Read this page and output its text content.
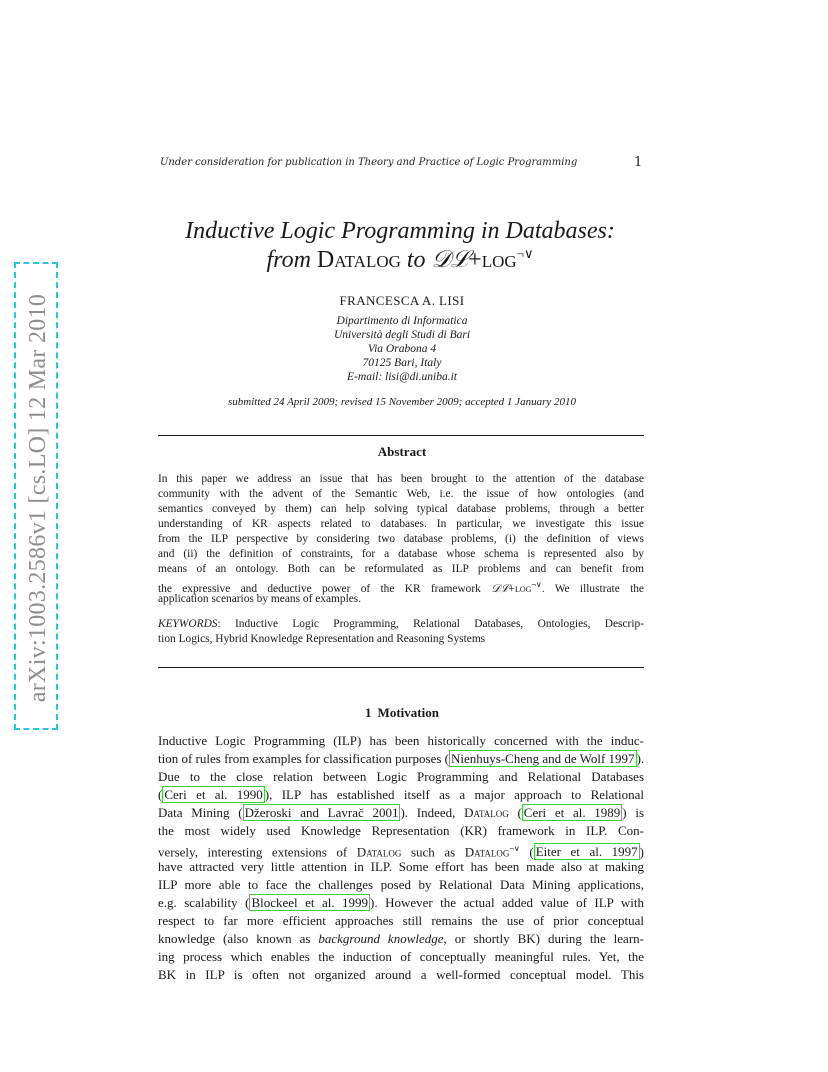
arXiv:1003.2586v1 [cs.LO] 12 Mar 2010
Under consideration for publication in Theory and Practice of Logic Programming	1
Inductive Logic Programming in Databases:
from Datalog to 𝒟ℒ+log¬∨
FRANCESCA A. LISI
Dipartimento di Informatica
Università degli Studi di Bari
Via Orabona 4
70125 Bari, Italy
E-mail: lisi@di.uniba.it
submitted 24 April 2009; revised 15 November 2009; accepted 1 January 2010
Abstract
In this paper we address an issue that has been brought to the attention of the database
community with the advent of the Semantic Web, i.e. the issue of how ontologies (and
semantics conveyed by them) can help solving typical database problems, through a better
understanding of KR aspects related to databases. In particular, we investigate this issue
from the ILP perspective by considering two database problems, (i) the definition of views
and (ii) the definition of constraints, for a database whose schema is represented also by
means of an ontology. Both can be reformulated as ILP problems and can benefit from
the expressive and deductive power of the KR framework 𝒟ℒ+log¬∨. We illustrate the
application scenarios by means of examples.
KEYWORDS: Inductive Logic Programming, Relational Databases, Ontologies, Descrip-
tion Logics, Hybrid Knowledge Representation and Reasoning Systems
1 Motivation
Inductive Logic Programming (ILP) has been historically concerned with the induc-
tion of rules from examples for classification purposes ( Nienhuys-Cheng and de Wolf 1997 ).
Due to the close relation between Logic Programming and Relational Databases
( Ceri et al. 1990 ), ILP has established itself as a major approach to Relational
Data Mining ( Džeroski and Lavrač 2001 ). Indeed, Datalog ( Ceri et al. 1989 ) is
the most widely used Knowledge Representation (KR) framework in ILP. Con-
versely, interesting extensions of Datalog such as Datalog¬∨ ( Eiter et al. 1997 )
have attracted very little attention in ILP. Some effort has been made also at making
ILP more able to face the challenges posed by Relational Data Mining applications,
e.g. scalability ( Blockeel et al. 1999 ). However the actual added value of ILP with
respect to far more efficient approaches still remains the use of prior conceptual
knowledge (also known as background knowledge, or shortly BK) during the learn-
ing process which enables the induction of conceptually meaningful rules. Yet, the
BK in ILP is often not organized around a well-formed conceptual model. This
